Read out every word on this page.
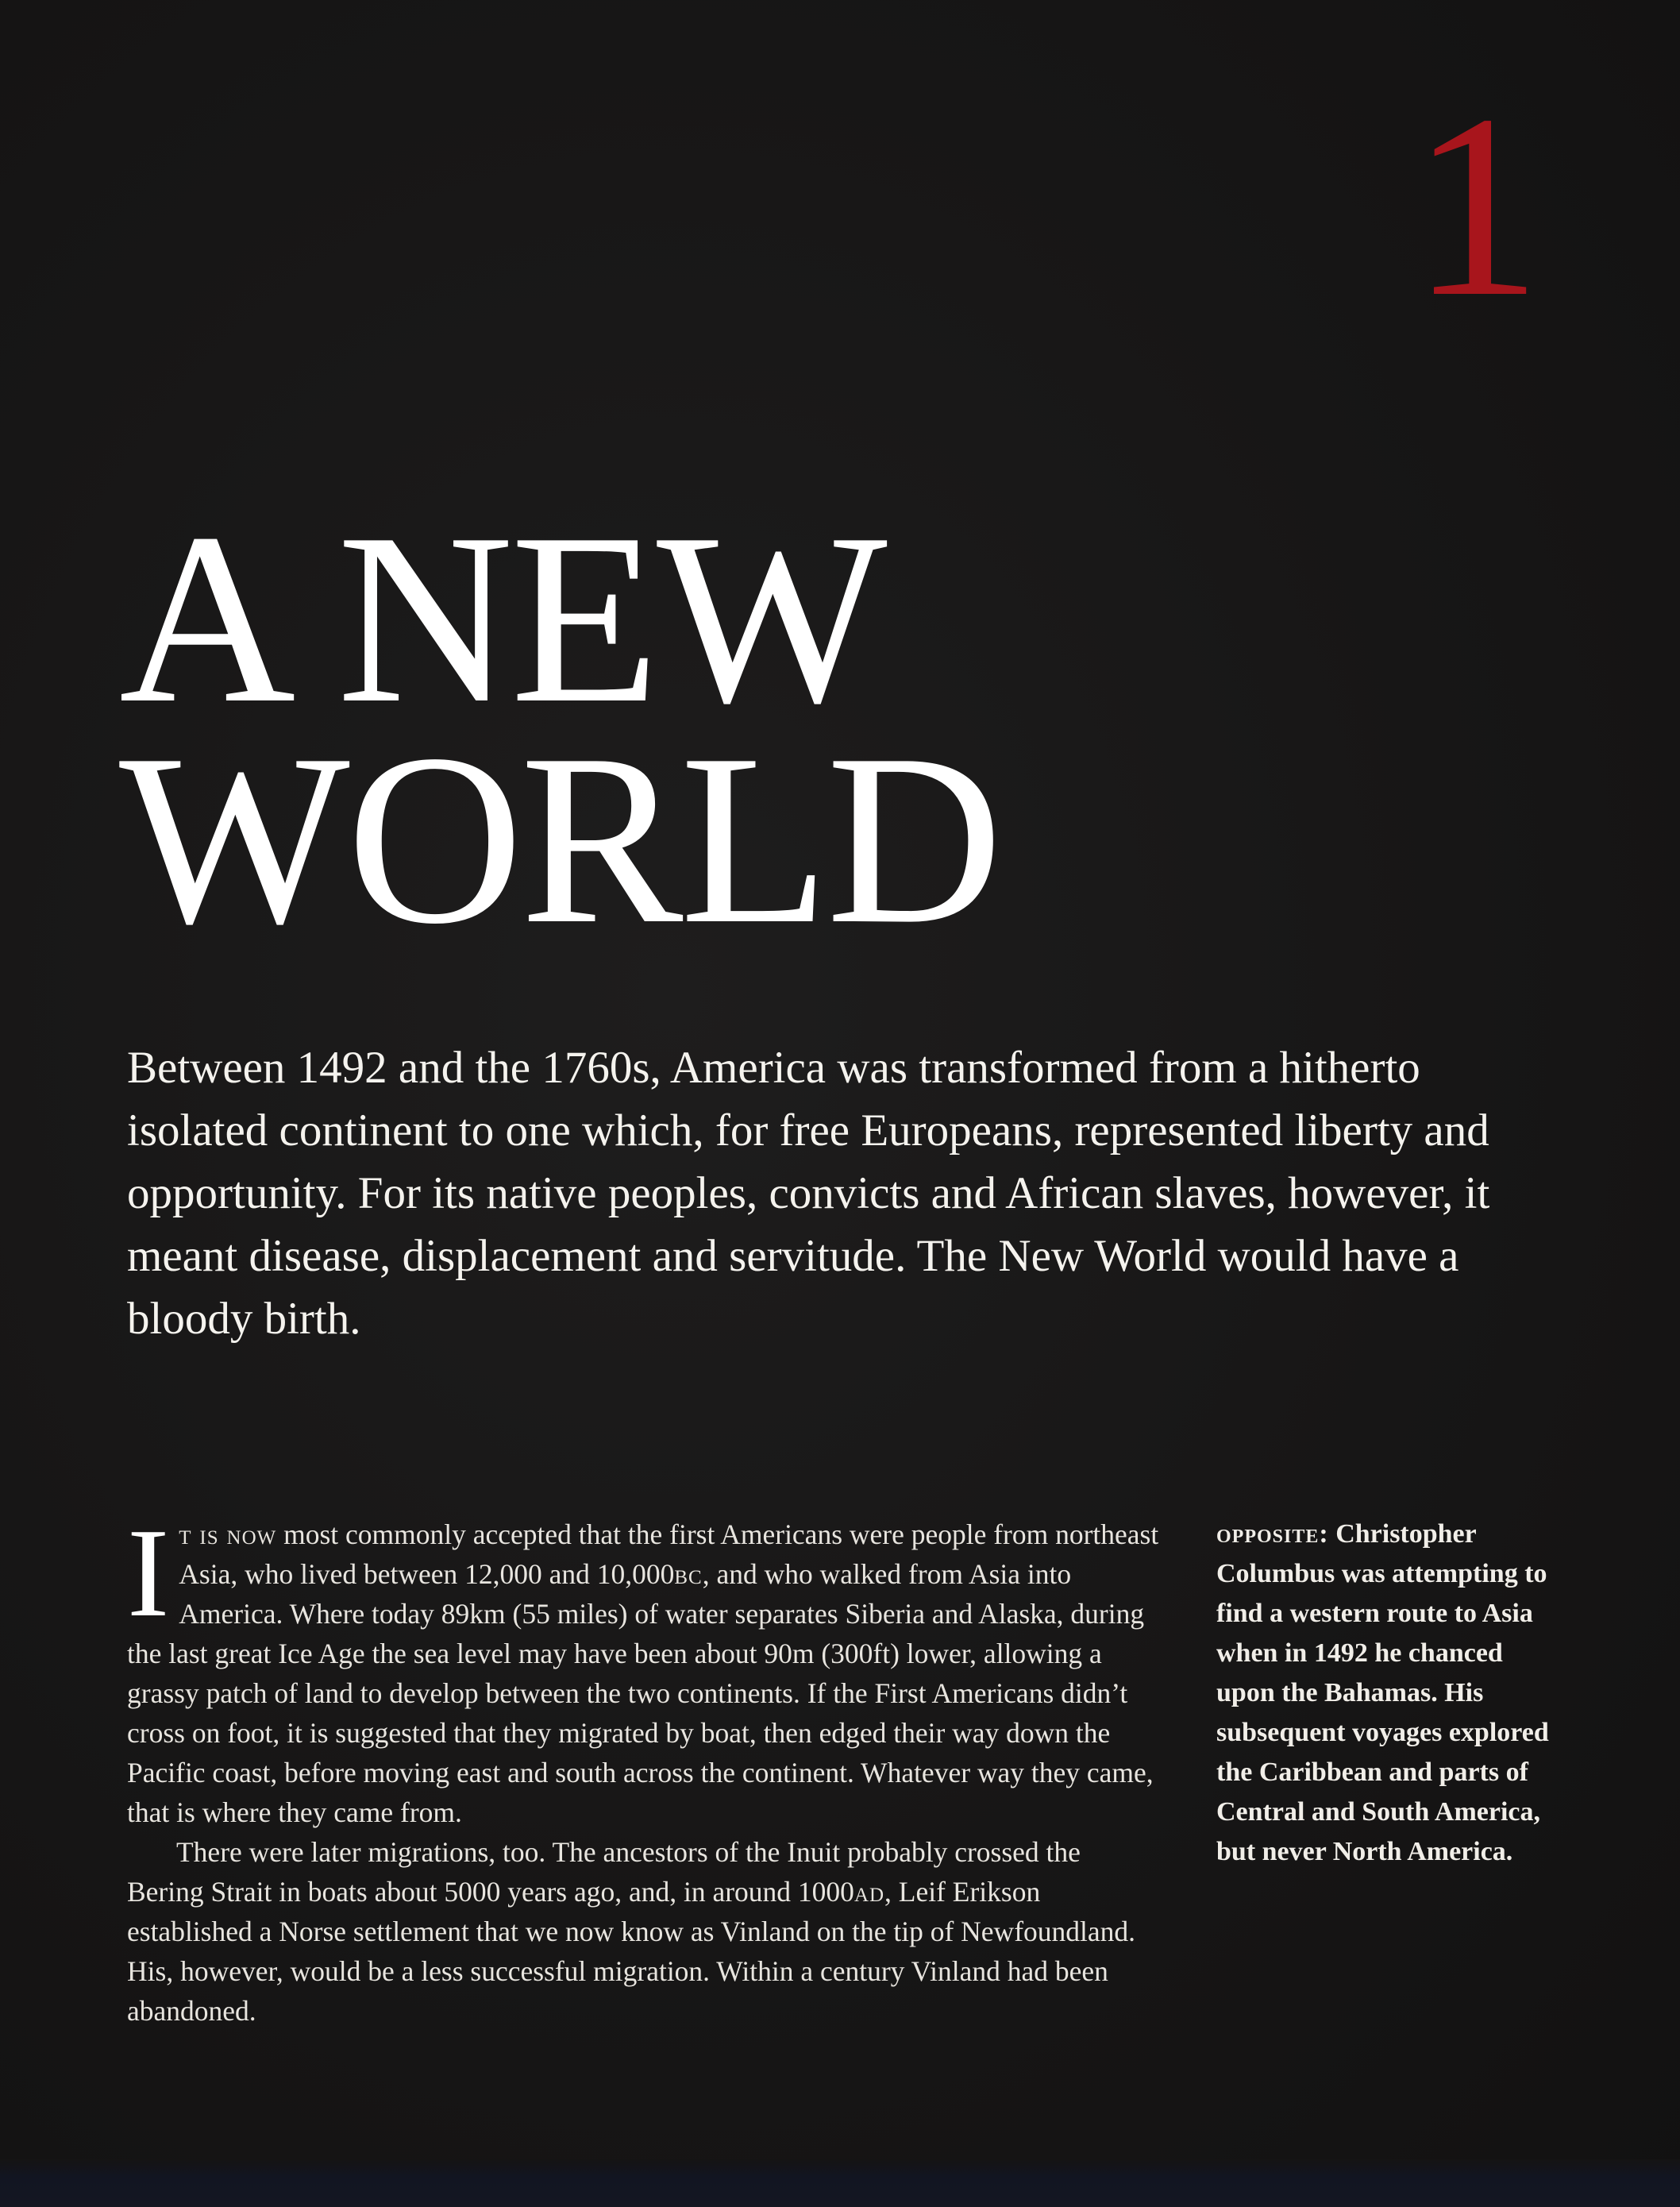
1
A NEW
WORLD

Between 1492 and the 1760s, America was transformed from a hitherto isolated continent to one which, for free Europeans, represented liberty and opportunity. For its native peoples, convicts and African slaves, however, it meant disease, displacement and servitude. The New World would have a bloody birth.

It is now most commonly accepted that the first Americans were people from northeast Asia, who lived between 12,000 and 10,000bc, and who walked from Asia into America. Where today 89km (55 miles) of water separates Siberia and Alaska, during the last great Ice Age the sea level may have been about 90m (300ft) lower, allowing a grassy patch of land to develop between the two continents. If the First Americans didn’t cross on foot, it is suggested that they migrated by boat, then edged their way down the Pacific coast, before moving east and south across the continent. Whatever way they came, that is where they came from.

There were later migrations, too. The ancestors of the Inuit probably crossed the Bering Strait in boats about 5000 years ago, and, in around 1000ad, Leif Erikson established a Norse settlement that we now know as Vinland on the tip of Newfoundland. His, however, would be a less successful migration. Within a century Vinland had been abandoned.

opposite: Christopher Columbus was attempting to find a western route to Asia when in 1492 he chanced upon the Bahamas. His subsequent voyages explored the Caribbean and parts of Central and South America, but never North America.
